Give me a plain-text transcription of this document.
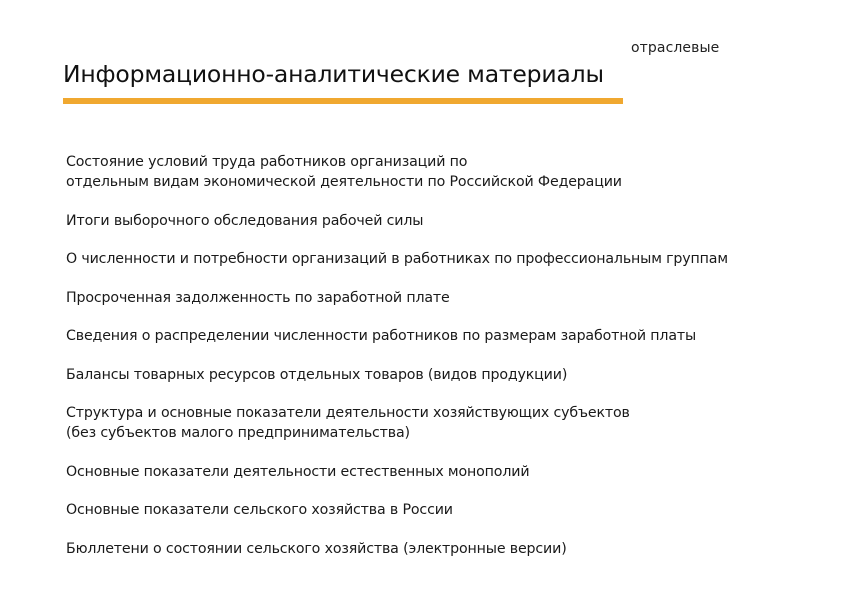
отраслевые
Информационно-аналитические материалы
Состояние условий труда работников организаций по
отдельным видам экономической деятельности по Российской Федерации
Итоги выборочного обследования рабочей силы
О численности и потребности организаций в работниках по профессиональным группам
Просроченная задолженность по заработной плате
Сведения о распределении численности работников по размерам заработной платы
Балансы товарных ресурсов отдельных товаров (видов продукции)
Структура и основные показатели деятельности хозяйствующих субъектов
(без субъектов малого предпринимательства)
Основные показатели деятельности естественных монополий
Основные показатели сельского хозяйства в России
Бюллетени о состоянии сельского хозяйства (электронные версии)
